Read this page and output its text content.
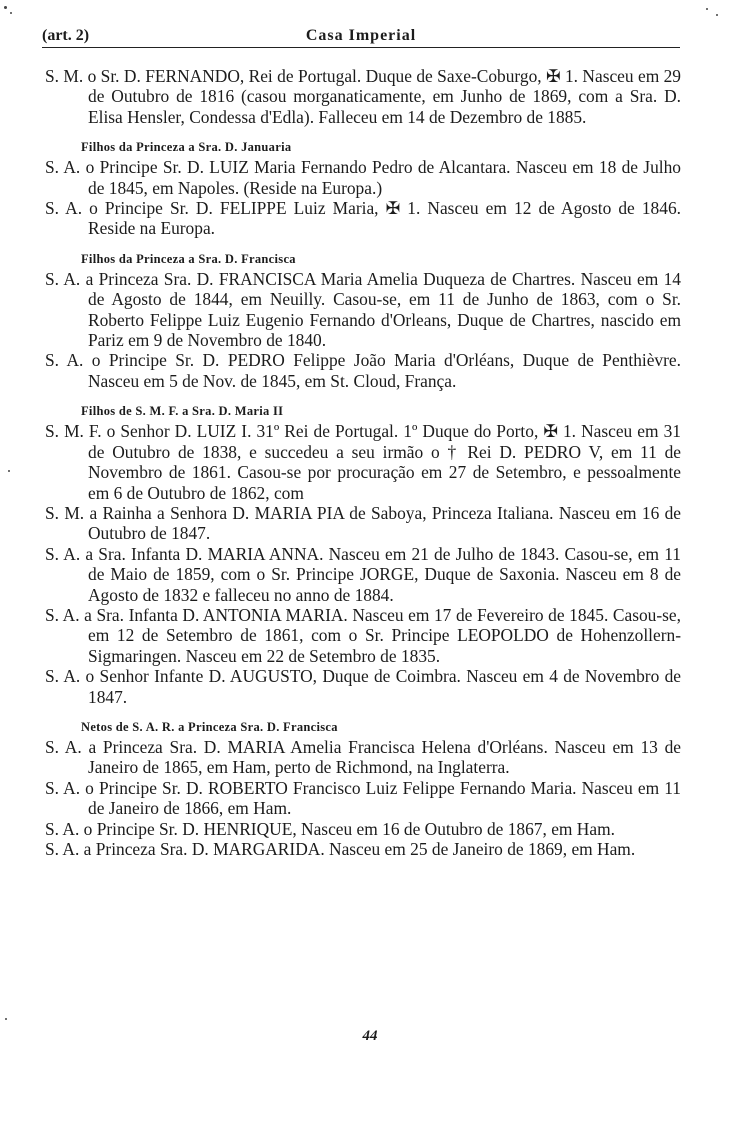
(art. 2)	Casa Imperial

S. M. o Sr. D. FERNANDO, Rei de Portugal. Duque de Saxe-Coburgo, ✠ 1. Nasceu em 29 de Outubro de 1816 (casou morganaticamente, em Junho de 1869, com a Sra. D. Elisa Hensler, Condessa d'Edla). Falleceu em 14 de Dezembro de 1885.

Filhos da Princeza a Sra. D. Januaria

S. A. o Principe Sr. D. LUIZ Maria Fernando Pedro de Alcantara. Nasceu em 18 de Julho de 1845, em Napoles. (Reside na Europa.)

S. A. o Principe Sr. D. FELIPPE Luiz Maria, ✠ 1. Nasceu em 12 de Agosto de 1846. Reside na Europa.

Filhos da Princeza a Sra. D. Francisca

S. A. a Princeza Sra. D. FRANCISCA Maria Amelia Duqueza de Chartres. Nasceu em 14 de Agosto de 1844, em Neuilly. Casou-se, em 11 de Junho de 1863, com o Sr. Roberto Felippe Luiz Eugenio Fernando d'Orleans, Duque de Chartres, nascido em Pariz em 9 de Novembro de 1840.

S. A. o Principe Sr. D. PEDRO Felippe João Maria d'Orléans, Duque de Penthièvre. Nasceu em 5 de Nov. de 1845, em St. Cloud, França.

Filhos de S. M. F. a Sra. D. Maria II

S. M. F. o Senhor D. LUIZ I. 31º Rei de Portugal. 1º Duque do Porto, ✠ 1. Nasceu em 31 de Outubro de 1838, e succedeu a seu irmão o † Rei D. PEDRO V, em 11 de Novembro de 1861. Casou-se por procuração em 27 de Setembro, e pessoalmente em 6 de Outubro de 1862, com

S. M. a Rainha a Senhora D. MARIA PIA de Saboya, Princeza Italiana. Nasceu em 16 de Outubro de 1847.

S. A. a Sra. Infanta D. MARIA ANNA. Nasceu em 21 de Julho de 1843. Casou-se, em 11 de Maio de 1859, com o Sr. Principe JORGE, Duque de Saxonia. Nasceu em 8 de Agosto de 1832 e falleceu no anno de 1884.

S. A. a Sra. Infanta D. ANTONIA MARIA. Nasceu em 17 de Fevereiro de 1845. Casou-se, em 12 de Setembro de 1861, com o Sr. Principe LEOPOLDO de Hohenzollern-Sigmaringen. Nasceu em 22 de Setembro de 1835.

S. A. o Senhor Infante D. AUGUSTO, Duque de Coimbra. Nasceu em 4 de Novembro de 1847.

Netos de S. A. R. a Princeza Sra. D. Francisca

S. A. a Princeza Sra. D. MARIA Amelia Francisca Helena d'Orléans. Nasceu em 13 de Janeiro de 1865, em Ham, perto de Richmond, na Inglaterra.

S. A. o Principe Sr. D. ROBERTO Francisco Luiz Felippe Fernando Maria. Nasceu em 11 de Janeiro de 1866, em Ham.

S. A. o Principe Sr. D. HENRIQUE, Nasceu em 16 de Outubro de 1867, em Ham.

S. A. a Princeza Sra. D. MARGARIDA. Nasceu em 25 de Janeiro de 1869, em Ham.

44
